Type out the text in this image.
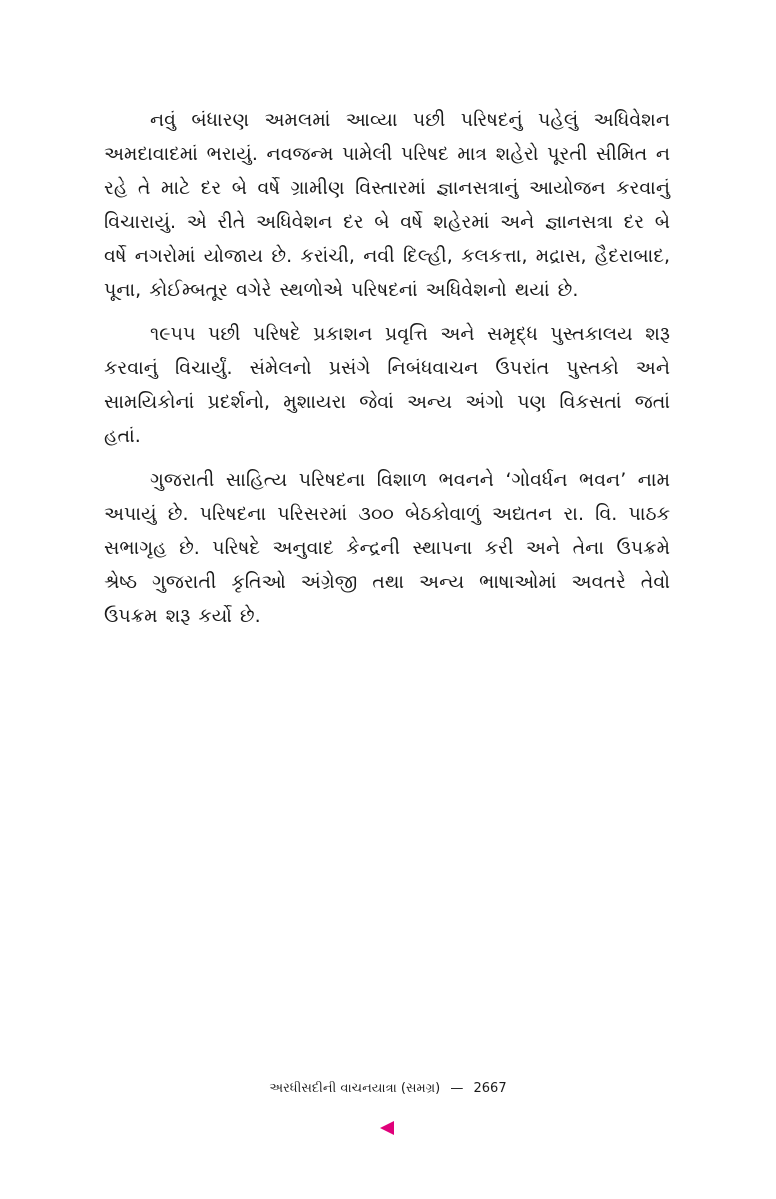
નવું બંધારણ અમલમાં આવ્યા પછી પરિષદનું પહેલું અધિવેશન અમદાવાદમાં ભરાયું. નવજન્મ પામેલી પરિષદ માત્ર શહેરો પૂરતી સીમિત ન રહે તે માટે દર બે વર્ષે ગ્રામીણ વિસ્તારમાં જ્ઞાનસત્રાનું આયોજન કરવાનું વિચારાયું. એ રીતે અધિવેશન દર બે વર્ષે શહેરમાં અને જ્ઞાનસત્રા દર બે વર્ષે નગરોમાં યોજાય છે. કરાંચી, નવી દિલ્હી, કલકત્તા, મદ્રાસ, હૈદરાબાદ, પૂના, કોઈમ્બતૂર વગેરે સ્થળોએ પરિષદનાં અધિવેશનો થયાં છે.

૧૯૫૫ પછી પરિષદે પ્રકાશન પ્રવૃત્તિ અને સમૃદ્ધ પુસ્તકાલય શરૂ કરવાનું વિચાર્યું. સંમેલનો પ્રસંગે નિબંધવાચન ઉપરાંત પુસ્તકો અને સામયિકોનાં પ્રદર્શનો, મુશાયરા જેવાં અન્ય અંગો પણ વિકસતાં જતાં હતાં.

ગુજરાતી સાહિત્ય પરિષદના વિશાળ ભવનને ‘ગોવર્ધન ભવન’ નામ અપાયું છે. પરિષદના પરિસરમાં ૩૦૦ બેઠકોવાળું અદ્યતન રા. વિ. પાઠક સભાગૃહ છે. પરિષદે અનુવાદ કેન્દ્રની સ્થાપના કરી અને તેના ઉપક્રમે શ્રેષ્ઠ ગુજરાતી કૃતિઓ અંગ્રેજી તથા અન્ય ભાષાઓમાં અવતરે તેવો ઉપક્રમ શરૂ કર્યો છે.

અરધીસદીની વાચનયાત્રા (સમગ્ર) — 2667
